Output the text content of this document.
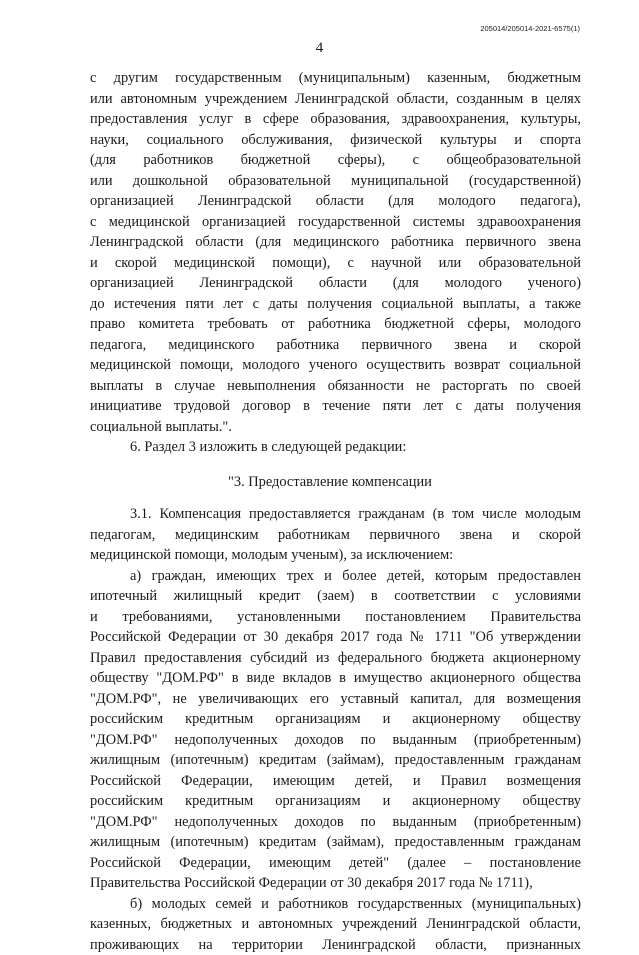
205014/205014-2021-6575(1)
4
с другим государственным (муниципальным) казенным, бюджетным
или автономным учреждением Ленинградской области, созданным в целях
предоставления услуг в сфере образования, здравоохранения, культуры,
науки, социального обслуживания, физической культуры и спорта
(для работников бюджетной сферы), с общеобразовательной
или дошкольной образовательной муниципальной (государственной)
организацией Ленинградской области (для молодого педагога),
с медицинской организацией государственной системы здравоохранения
Ленинградской области (для медицинского работника первичного звена
и скорой медицинской помощи), с научной или образовательной
организацией Ленинградской области (для молодого ученого)
до истечения пяти лет с даты получения социальной выплаты, а также
право комитета требовать от работника бюджетной сферы, молодого
педагога, медицинского работника первичного звена и скорой
медицинской помощи, молодого ученого осуществить возврат социальной
выплаты в случае невыполнения обязанности не расторгать по своей
инициативе трудовой договор в течение пяти лет с даты получения
социальной выплаты.".
6. Раздел 3 изложить в следующей редакции:
"3. Предоставление компенсации
3.1. Компенсация предоставляется гражданам (в том числе молодым
педагогам, медицинским работникам первичного звена и скорой
медицинской помощи, молодым ученым), за исключением:
а) граждан, имеющих трех и более детей, которым предоставлен
ипотечный жилищный кредит (заем) в соответствии с условиями
и требованиями, установленными постановлением Правительства
Российской Федерации от 30 декабря 2017 года № 1711 "Об утверждении
Правил предоставления субсидий из федерального бюджета акционерному
обществу "ДОМ.РФ" в виде вкладов в имущество акционерного общества
"ДОМ.РФ", не увеличивающих его уставный капитал, для возмещения
российским кредитным организациям и акционерному обществу
"ДОМ.РФ" недополученных доходов по выданным (приобретенным)
жилищным (ипотечным) кредитам (займам), предоставленным гражданам
Российской Федерации, имеющим детей, и Правил возмещения
российским кредитным организациям и акционерному обществу
"ДОМ.РФ" недополученных доходов по выданным (приобретенным)
жилищным (ипотечным) кредитам (займам), предоставленным гражданам
Российской Федерации, имеющим детей" (далее – постановление
Правительства Российской Федерации от 30 декабря 2017 года № 1711),
б) молодых семей и работников государственных (муниципальных)
казенных, бюджетных и автономных учреждений Ленинградской области,
проживающих на территории Ленинградской области, признанных
